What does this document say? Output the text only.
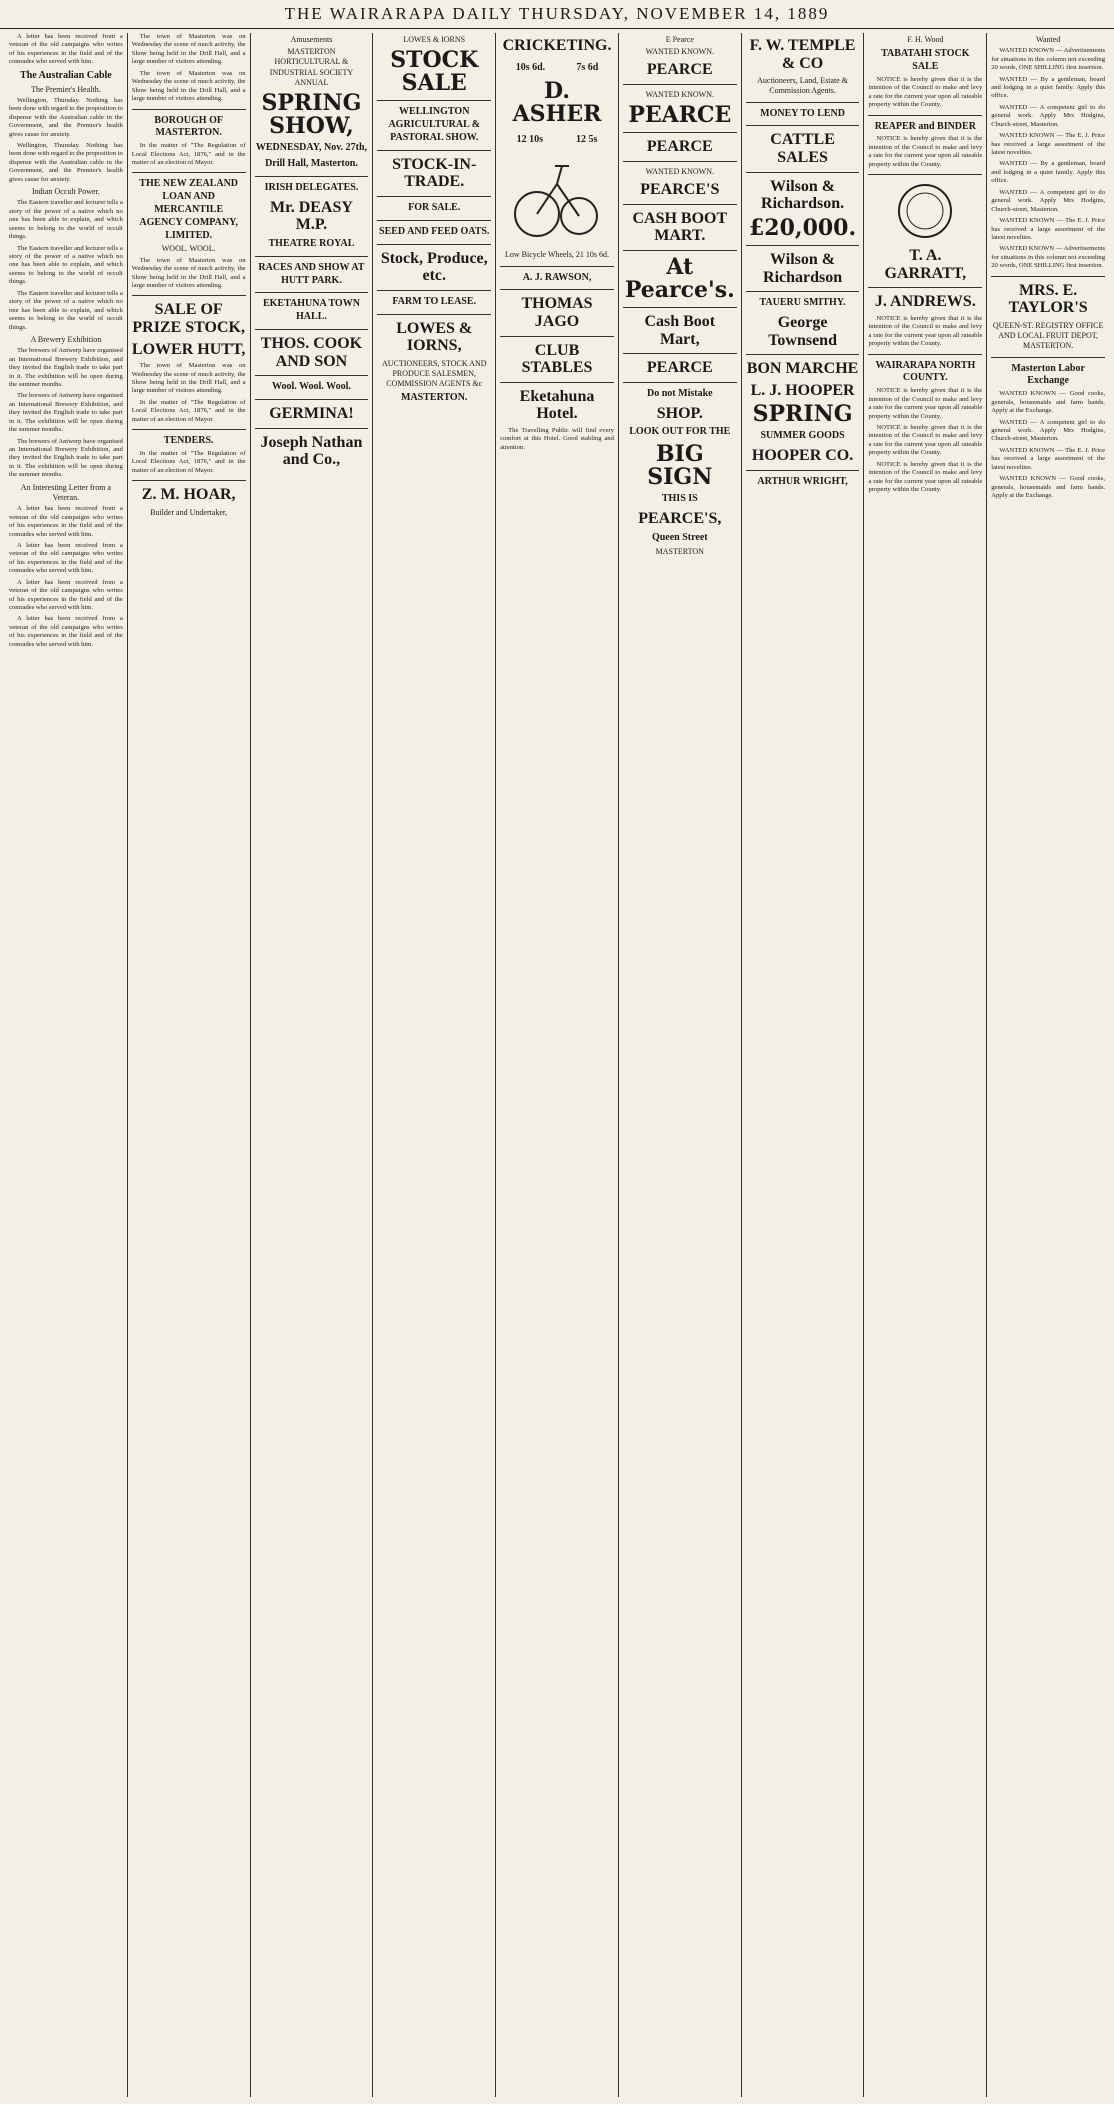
THE WAIRARAPA DAILY THURSDAY, NOVEMBER 14, 1889

A letter has been received from a veteran of the old campaigns who writes of his experiences in the field and of the comrades who served with him.

The Australian Cable
The Premier's Health.

Wellington, Thursday. Nothing has been done with regard to the proposition to dispense with the Australian cable in the Government, and the Premier's health gives cause for anxiety.

Wellington, Thursday. Nothing has been done with regard to the proposition to dispense with the Australian cable in the Government, and the Premier's health gives cause for anxiety.

Indian Occult Power.

The Eastern traveller and lecturer tells a story of the power of a native which no one has been able to explain, and which seems to belong to the world of occult things.

The Eastern traveller and lecturer tells a story of the power of a native which no one has been able to explain, and which seems to belong to the world of occult things.

The Eastern traveller and lecturer tells a story of the power of a native which no one has been able to explain, and which seems to belong to the world of occult things.

A Brewery Exhibition

The brewers of Antwerp have organised an International Brewery Exhibition, and they invited the English trade to take part in it. The exhibition will be open during the summer months.

The brewers of Antwerp have organised an International Brewery Exhibition, and they invited the English trade to take part in it. The exhibition will be open during the summer months.

The brewers of Antwerp have organised an International Brewery Exhibition, and they invited the English trade to take part in it. The exhibition will be open during the summer months.

An Interesting Letter from a Veteran.

A letter has been received from a veteran of the old campaigns who writes of his experiences in the field and of the comrades who served with him.

A letter has been received from a veteran of the old campaigns who writes of his experiences in the field and of the comrades who served with him.

A letter has been received from a veteran of the old campaigns who writes of his experiences in the field and of the comrades who served with him.

A letter has been received from a veteran of the old campaigns who writes of his experiences in the field and of the comrades who served with him.

The town of Masterton was on Wednesday the scene of much activity, the Show being held in the Drill Hall, and a large number of visitors attending.

The town of Masterton was on Wednesday the scene of much activity, the Show being held in the Drill Hall, and a large number of visitors attending.

BOROUGH OF MASTERTON.

In the matter of "The Regulation of Local Elections Act, 1876," and in the matter of an election of Mayor.

THE NEW ZEALAND LOAN AND MERCANTILE AGENCY COMPANY, LIMITED.
WOOL. WOOL.

The town of Masterton was on Wednesday the scene of much activity, the Show being held in the Drill Hall, and a large number of visitors attending.

SALE OF PRIZE STOCK,
LOWER HUTT,

The town of Masterton was on Wednesday the scene of much activity, the Show being held in the Drill Hall, and a large number of visitors attending.

In the matter of "The Regulation of Local Elections Act, 1876," and in the matter of an election of Mayor.

TENDERS.

In the matter of "The Regulation of Local Elections Act, 1876," and in the matter of an election of Mayor.

Z. M. HOAR,
Builder and Undertaker,
Amusements
MASTERTON HORTICULTURAL & INDUSTRIAL SOCIETY ANNUAL
SPRING SHOW,
WEDNESDAY, Nov. 27th,
Drill Hall, Masterton.
IRISH DELEGATES.
Mr. DEASY M.P.
THEATRE ROYAL
RACES AND SHOW AT HUTT PARK.
EKETAHUNA TOWN HALL.
THOS. COOK AND SON
Wool. Wool. Wool.
GERMINA!
Joseph Nathan and Co.,
LOWES & IORNS
STOCK SALE
WELLINGTON AGRICULTURAL & PASTORAL SHOW.
STOCK-IN-TRADE.
FOR SALE.
SEED AND FEED OATS.
Stock, Produce, etc.
FARM TO LEASE.
LOWES & IORNS,
AUCTIONEERS, STOCK AND PRODUCE SALESMEN, COMMISSION AGENTS &c
MASTERTON.
CRICKETING.
10s 6d.	7s 6d
D. ASHER
12 10s	12 5s
Low Bicycle Wheels, 21 10s 6d.
A. J. RAWSON,
THOMAS JAGO
CLUB STABLES
Eketahuna Hotel.

The Travelling Public will find every comfort at this Hotel. Good stabling and attention.

E Pearce
WANTED KNOWN.
PEARCE
WANTED KNOWN.
PEARCE
PEARCE
WANTED KNOWN.
PEARCE'S
CASH BOOT MART.
At Pearce's.
Cash Boot Mart,
PEARCE
Do not Mistake
SHOP.
LOOK OUT FOR THE
BIG SIGN
THIS IS
PEARCE'S,
Queen Street
MASTERTON
F. W. TEMPLE & CO
Auctioneers, Land, Estate & Commission Agents.
MONEY TO LEND
CATTLE SALES
Wilson & Richardson.
£20,000.
Wilson & Richardson
TAUERU SMITHY.
George Townsend
BON MARCHE
L. J. HOOPER
SPRING
SUMMER GOODS
HOOPER CO.
ARTHUR WRIGHT,
F. H. Wood
TABATAHI STOCK SALE

NOTICE is hereby given that it is the intention of the Council to make and levy a rate for the current year upon all rateable property within the County.

REAPER and BINDER

NOTICE is hereby given that it is the intention of the Council to make and levy a rate for the current year upon all rateable property within the County.

T. A. GARRATT,
J. ANDREWS.

NOTICE is hereby given that it is the intention of the Council to make and levy a rate for the current year upon all rateable property within the County.

WAIRARAPA NORTH COUNTY.

NOTICE is hereby given that it is the intention of the Council to make and levy a rate for the current year upon all rateable property within the County.

NOTICE is hereby given that it is the intention of the Council to make and levy a rate for the current year upon all rateable property within the County.

NOTICE is hereby given that it is the intention of the Council to make and levy a rate for the current year upon all rateable property within the County.

Wanted

WANTED KNOWN — Advertisements for situations in this column not exceeding 20 words, ONE SHILLING first insertion.

WANTED — By a gentleman, board and lodging in a quiet family. Apply this office.

WANTED — A competent girl to do general work. Apply Mrs Hodgins, Church-street, Masterton.

WANTED KNOWN — The E. J. Price has received a large assortment of the latest novelties.

WANTED — By a gentleman, board and lodging in a quiet family. Apply this office.

WANTED — A competent girl to do general work. Apply Mrs Hodgins, Church-street, Masterton.

WANTED KNOWN — The E. J. Price has received a large assortment of the latest novelties.

WANTED KNOWN — Advertisements for situations in this column not exceeding 20 words, ONE SHILLING first insertion.

MRS. E. TAYLOR'S
QUEEN-ST. REGISTRY OFFICE AND LOCAL FRUIT DEPOT, MASTERTON.
Masterton Labor Exchange

WANTED KNOWN — Good cooks, generals, housemaids and farm hands. Apply at the Exchange.

WANTED — A competent girl to do general work. Apply Mrs Hodgins, Church-street, Masterton.

WANTED KNOWN — The E. J. Price has received a large assortment of the latest novelties.

WANTED KNOWN — Good cooks, generals, housemaids and farm hands. Apply at the Exchange.
